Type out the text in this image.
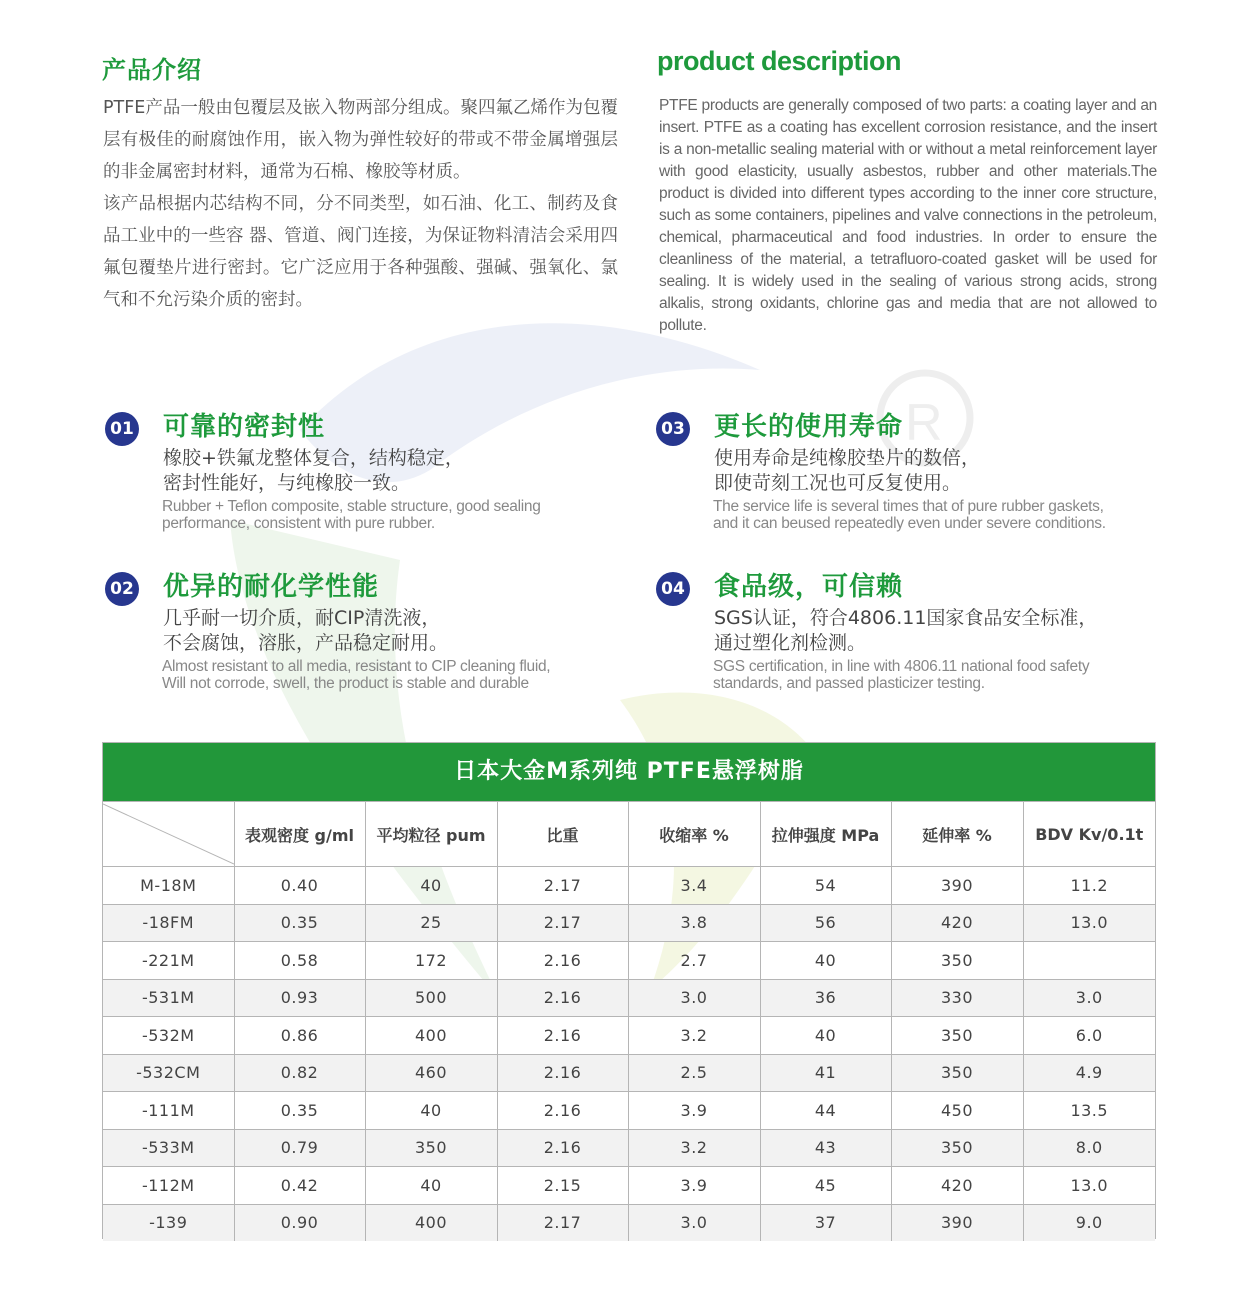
R
产品介绍

PTFE产品一般由包覆层及嵌入物两部分组成。聚四氟乙烯作为包覆层有极佳的耐腐蚀作用，嵌入物为弹性较好的带或不带金属增强层的非金属密封材料，通常为石棉、橡胶等材质。

该产品根据内芯结构不同，分不同类型，如石油、化工、制药及食品工业中的一些容 器、管道、阀门连接，为保证物料清洁会采用四氟包覆垫片进行密封。它广泛应用于各种强酸、强碱、强氧化、氯气和不允污染介质的密封。

product description

PTFE products are generally composed of two parts: a coating layer and an insert. PTFE as a coating has excellent corrosion resistance, and the insert is a non-metallic sealing material with or without a metal reinforcement layer with good elasticity, usually asbestos, rubber and other materials.The product is divided into different types according to the inner core structure, such as some containers, pipelines and valve connections in the petroleum, chemical, pharmaceutical and food industries. In order to ensure the cleanliness of the material, a tetrafluoro-coated gasket will be used for sealing. It is widely used in the sealing of various strong acids, strong alkalis, strong oxidants, chlorine gas and media that are not allowed to pollute.

01 可靠的密封性
橡胶+铁氟龙整体复合，结构稳定，
密封性能好，与纯橡胶一致。
Rubber + Teflon composite, stable structure, good sealing
performance, consistent with pure rubber.
02 优异的耐化学性能
几乎耐一切介质，耐CIP清洗液，
不会腐蚀，溶胀，产品稳定耐用。
Almost resistant to all media, resistant to CIP cleaning fluid,
Will not corrode, swell, the product is stable and durable
03 更长的使用寿命
使用寿命是纯橡胶垫片的数倍，
即使苛刻工况也可反复使用。
The service life is several times that of pure rubber gaskets,
and it can beused repeatedly even under severe conditions.
04 食品级，可信赖
SGS认证，符合4806.11国家食品安全标准，
通过塑化剂检测。
SGS certification, in line with 4806.11 national food safety
standards, and passed plasticizer testing.
日本大金M系列纯 PTFE悬浮树脂
	表观密度 g/ml	平均粒径 pum	比重	收缩率 %	拉伸强度 MPa	延伸率 %	BDV Kv/0.1t
M-18M	0.40	40	2.17	3.4	54	390	11.2
-18FM	0.35	25	2.17	3.8	56	420	13.0
-221M	0.58	172	2.16	2.7	40	350	
-531M	0.93	500	2.16	3.0	36	330	3.0
-532M	0.86	400	2.16	3.2	40	350	6.0
-532CM	0.82	460	2.16	2.5	41	350	4.9
-111M	0.35	40	2.16	3.9	44	450	13.5
-533M	0.79	350	2.16	3.2	43	350	8.0
-112M	0.42	40	2.15	3.9	45	420	13.0
-139	0.90	400	2.17	3.0	37	390	9.0
